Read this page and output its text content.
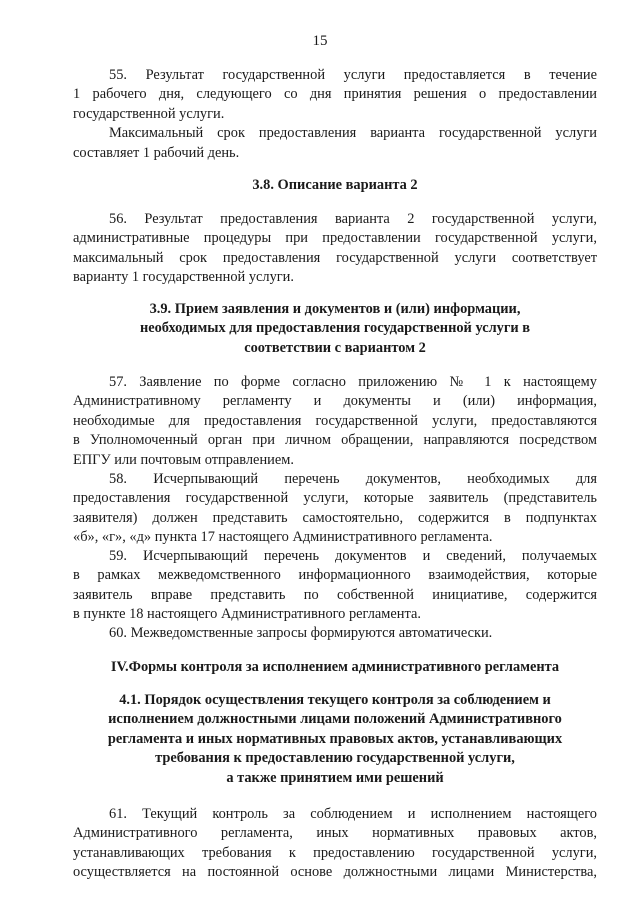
15
55. Результат государственной услуги предоставляется в течение
1 рабочего дня, следующего со дня принятия решения о предоставлении
государственной услуги.
Максимальный срок предоставления варианта государственной услуги
составляет 1 рабочий день.
3.8. Описание варианта 2
56. Результат предоставления варианта 2 государственной услуги,
административные процедуры при предоставлении государственной услуги,
максимальный срок предоставления государственной услуги соответствует
варианту 1 государственной услуги.
3.9. Прием заявления и документов и (или) информации,
необходимых для предоставления государственной услуги в
соответствии с вариантом 2
57. Заявление по форме согласно приложению № 1 к настоящему
Административному регламенту и документы и (или) информация,
необходимые для предоставления государственной услуги, предоставляются
в Уполномоченный орган при личном обращении, направляются посредством
ЕПГУ или почтовым отправлением.
58. Исчерпывающий перечень документов, необходимых для
предоставления государственной услуги, которые заявитель (представитель
заявителя) должен представить самостоятельно, содержится в подпунктах
«б», «г», «д» пункта 17 настоящего Административного регламента.
59. Исчерпывающий перечень документов и сведений, получаемых
в рамках межведомственного информационного взаимодействия, которые
заявитель вправе представить по собственной инициативе, содержится
в пункте 18 настоящего Административного регламента.
60. Межведомственные запросы формируются автоматически.
IV.Формы контроля за исполнением административного регламента
4.1. Порядок осуществления текущего контроля за соблюдением и
исполнением должностными лицами положений Административного
регламента и иных нормативных правовых актов, устанавливающих
требования к предоставлению государственной услуги,
а также принятием ими решений
61. Текущий контроль за соблюдением и исполнением настоящего
Административного регламента, иных нормативных правовых актов,
устанавливающих требования к предоставлению государственной услуги,
осуществляется на постоянной основе должностными лицами Министерства,
